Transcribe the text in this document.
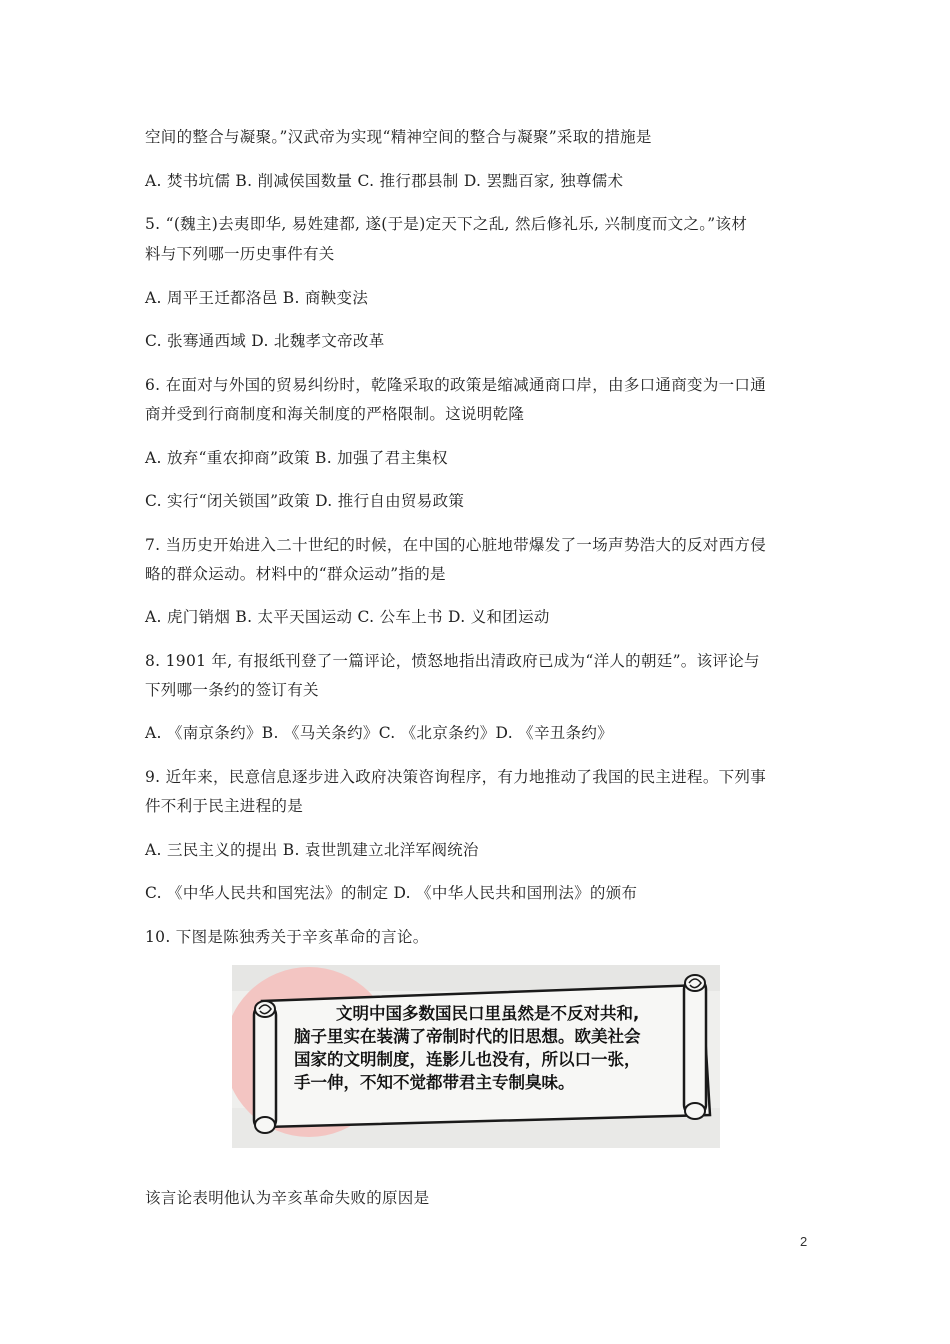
空间的整合与凝聚。”汉武帝为实现“精神空间的整合与凝聚”采取的措施是
A. 焚书坑儒 B. 削减侯国数量 C. 推行郡县制 D. 罢黜百家, 独尊儒术
5. “(魏主)去夷即华, 易姓建都, 遂(于是)定天下之乱, 然后修礼乐, 兴制度而文之。”该材
料与下列哪一历史事件有关
A. 周平王迁都洛邑 B. 商鞅变法
C. 张骞通西域 D. 北魏孝文帝改革
6. 在面对与外国的贸易纠纷时，乾隆采取的政策是缩减通商口岸，由多口通商变为一口通
商并受到行商制度和海关制度的严格限制。这说明乾隆
A. 放弃“重农抑商”政策 B. 加强了君主集权
C. 实行“闭关锁国”政策 D. 推行自由贸易政策
7. 当历史开始进入二十世纪的时候，在中国的心脏地带爆发了一场声势浩大的反对西方侵
略的群众运动。材料中的“群众运动”指的是
A. 虎门销烟 B. 太平天国运动 C. 公车上书 D. 义和团运动
8. 1901 年, 有报纸刊登了一篇评论，愤怒地指出清政府已成为“洋人的朝廷”。该评论与
下列哪一条约的签订有关
A. 《南京条约》B. 《马关条约》C. 《北京条约》D. 《辛丑条约》
9. 近年来，民意信息逐步进入政府决策咨询程序，有力地推动了我国的民主进程。下列事
件不利于民主进程的是
A. 三民主义的提出 B. 袁世凯建立北洋军阀统治
C. 《中华人民共和国宪法》的制定 D. 《中华人民共和国刑法》的颁布
10. 下图是陈独秀关于辛亥革命的言论。
文明中国多数国民口里虽然是不反对共和,
脑子里实在装满了帝制时代的旧思想。欧美社会
国家的文明制度，连影儿也没有，所以口一张，
手一伸，不知不觉都带君主专制臭味。
该言论表明他认为辛亥革命失败的原因是
2
